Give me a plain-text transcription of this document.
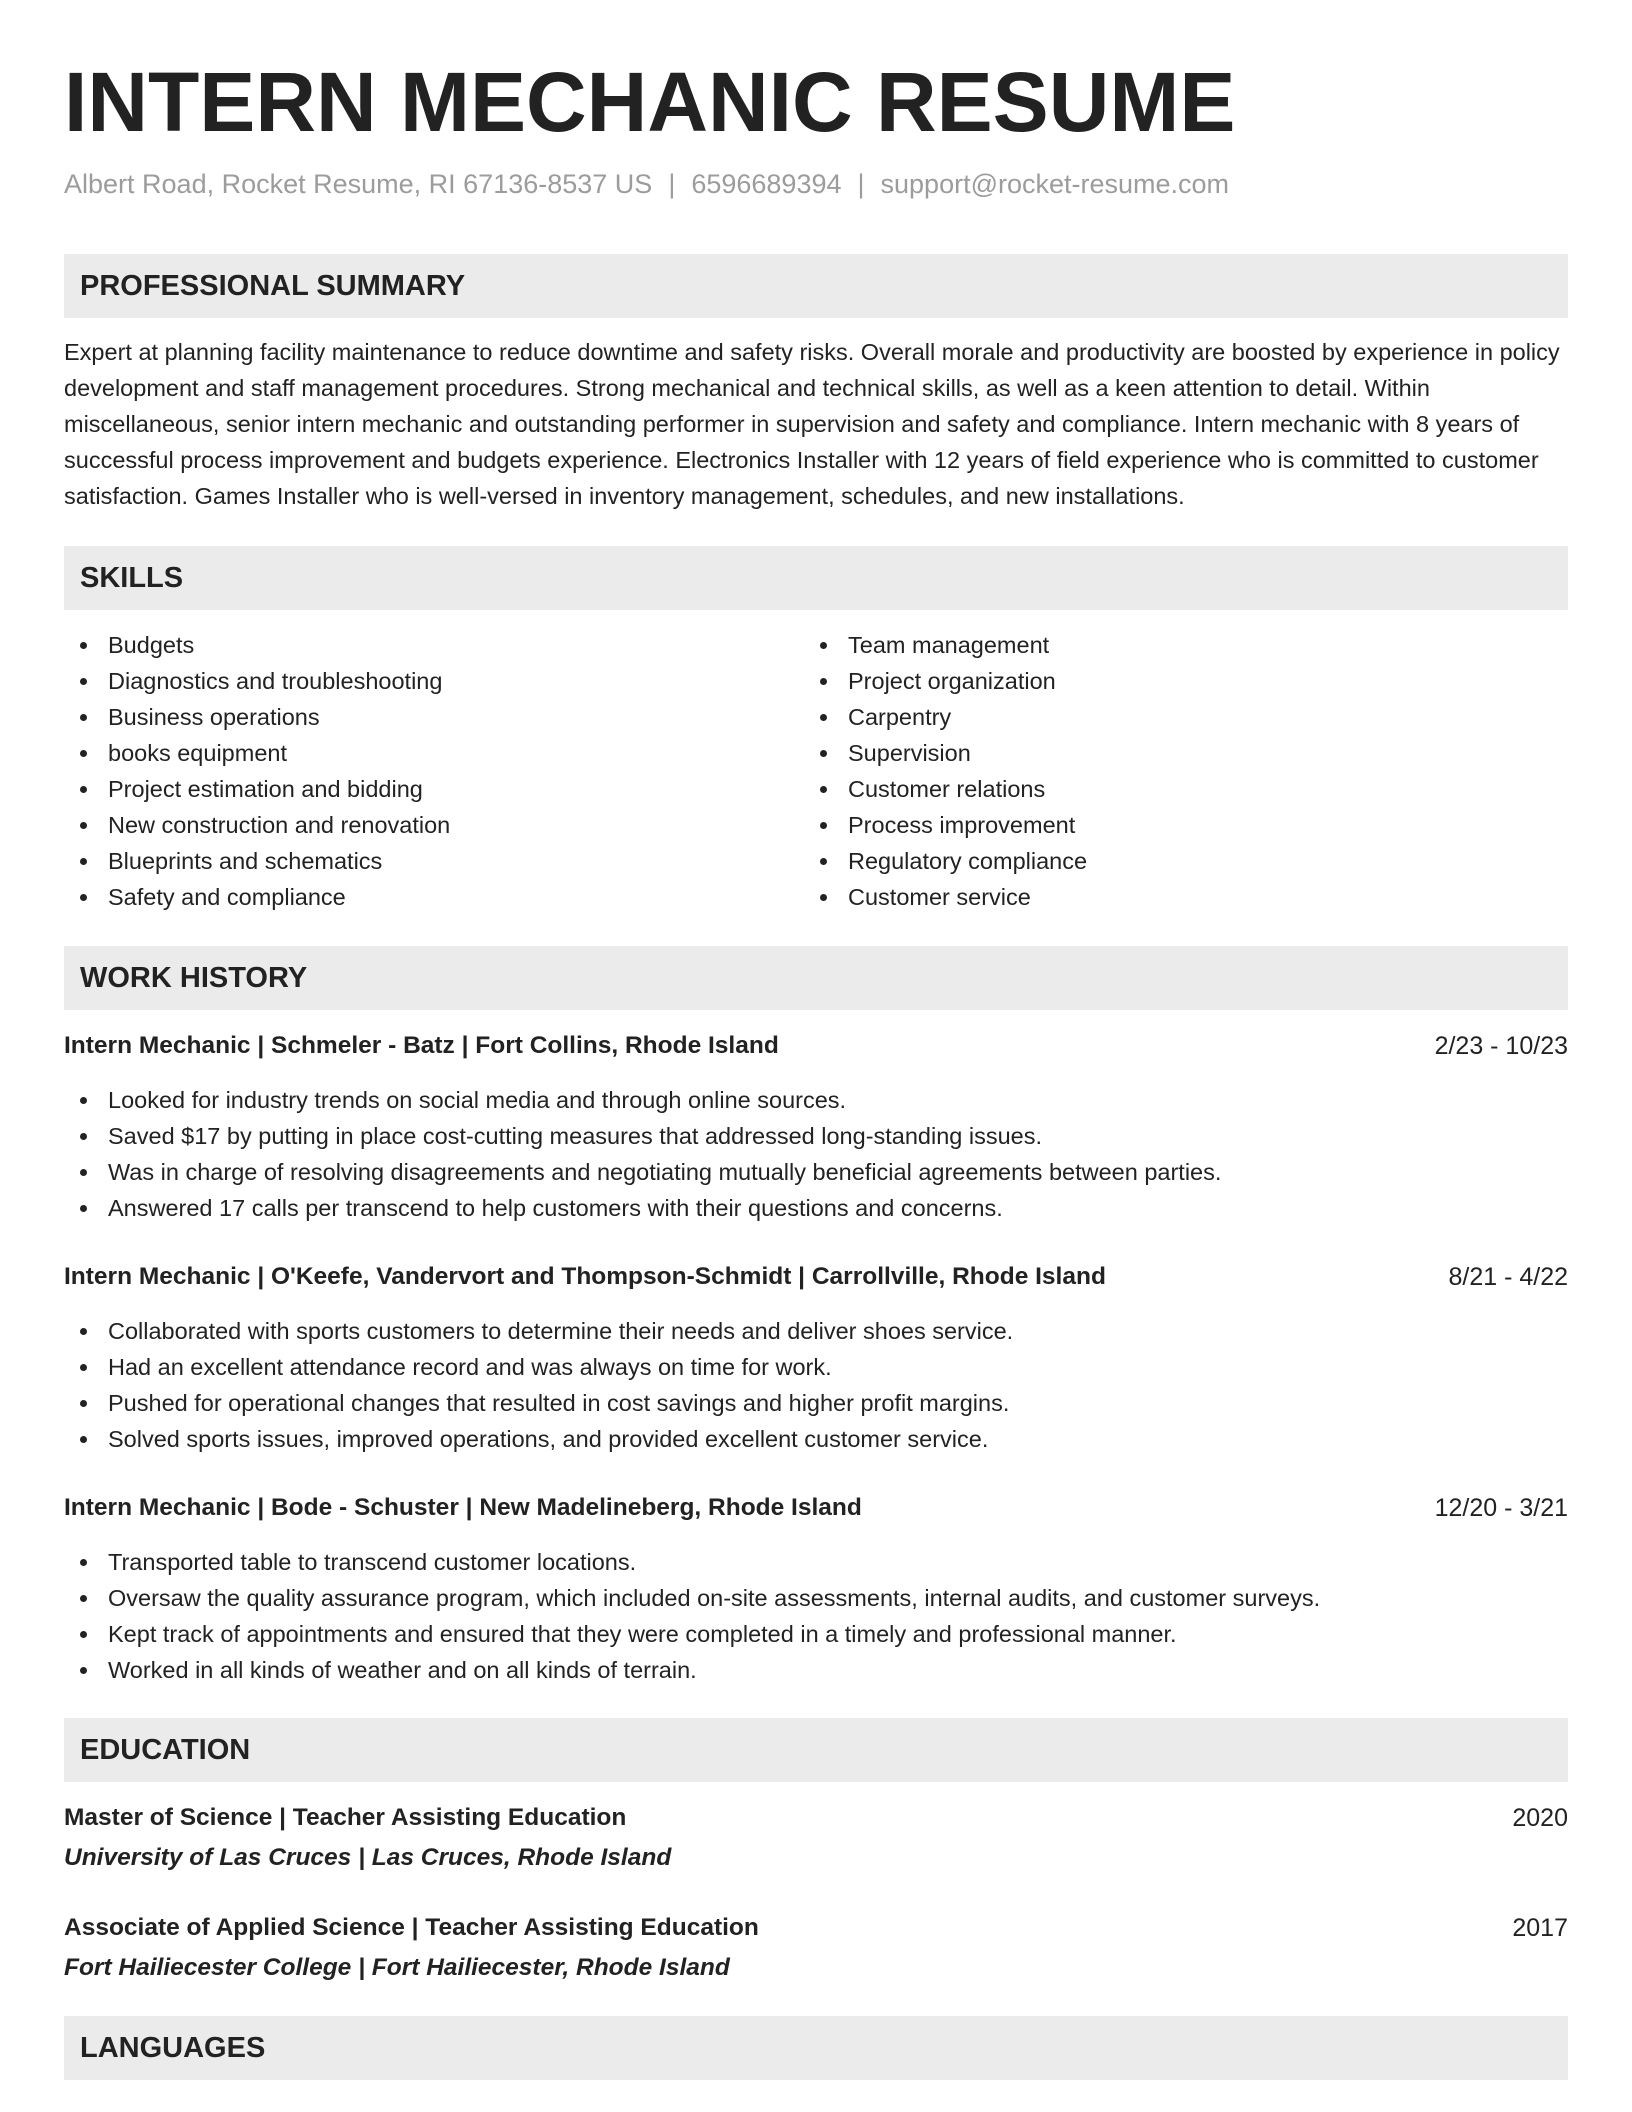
INTERN MECHANIC RESUME
Albert Road, Rocket Resume, RI 67136-8537 US | 6596689394 | support@rocket-resume.com
PROFESSIONAL SUMMARY

Expert at planning facility maintenance to reduce downtime and safety risks. Overall morale and productivity are boosted by experience in policy development and staff management procedures. Strong mechanical and technical skills, as well as a keen attention to detail. Within miscellaneous, senior intern mechanic and outstanding performer in supervision and safety and compliance. Intern mechanic with 8 years of successful process improvement and budgets experience. Electronics Installer with 12 years of field experience who is committed to customer satisfaction. Games Installer who is well-versed in inventory management, schedules, and new installations.

SKILLS
Budgets
Diagnostics and troubleshooting
Business operations
books equipment
Project estimation and bidding
New construction and renovation
Blueprints and schematics
Safety and compliance
Team management
Project organization
Carpentry
Supervision
Customer relations
Process improvement
Regulatory compliance
Customer service
WORK HISTORY
Intern Mechanic | Schmeler - Batz | Fort Collins, Rhode Island	2/23 - 10/23
Looked for industry trends on social media and through online sources.
Saved $17 by putting in place cost-cutting measures that addressed long-standing issues.
Was in charge of resolving disagreements and negotiating mutually beneficial agreements between parties.
Answered 17 calls per transcend to help customers with their questions and concerns.
Intern Mechanic | O'Keefe, Vandervort and Thompson-Schmidt | Carrollville, Rhode Island	8/21 - 4/22
Collaborated with sports customers to determine their needs and deliver shoes service.
Had an excellent attendance record and was always on time for work.
Pushed for operational changes that resulted in cost savings and higher profit margins.
Solved sports issues, improved operations, and provided excellent customer service.
Intern Mechanic | Bode - Schuster | New Madelineberg, Rhode Island	12/20 - 3/21
Transported table to transcend customer locations.
Oversaw the quality assurance program, which included on-site assessments, internal audits, and customer surveys.
Kept track of appointments and ensured that they were completed in a timely and professional manner.
Worked in all kinds of weather and on all kinds of terrain.
EDUCATION
Master of Science | Teacher Assisting Education	2020
University of Las Cruces | Las Cruces, Rhode Island
Associate of Applied Science | Teacher Assisting Education	2017
Fort Hailiecester College | Fort Hailiecester, Rhode Island
LANGUAGES
